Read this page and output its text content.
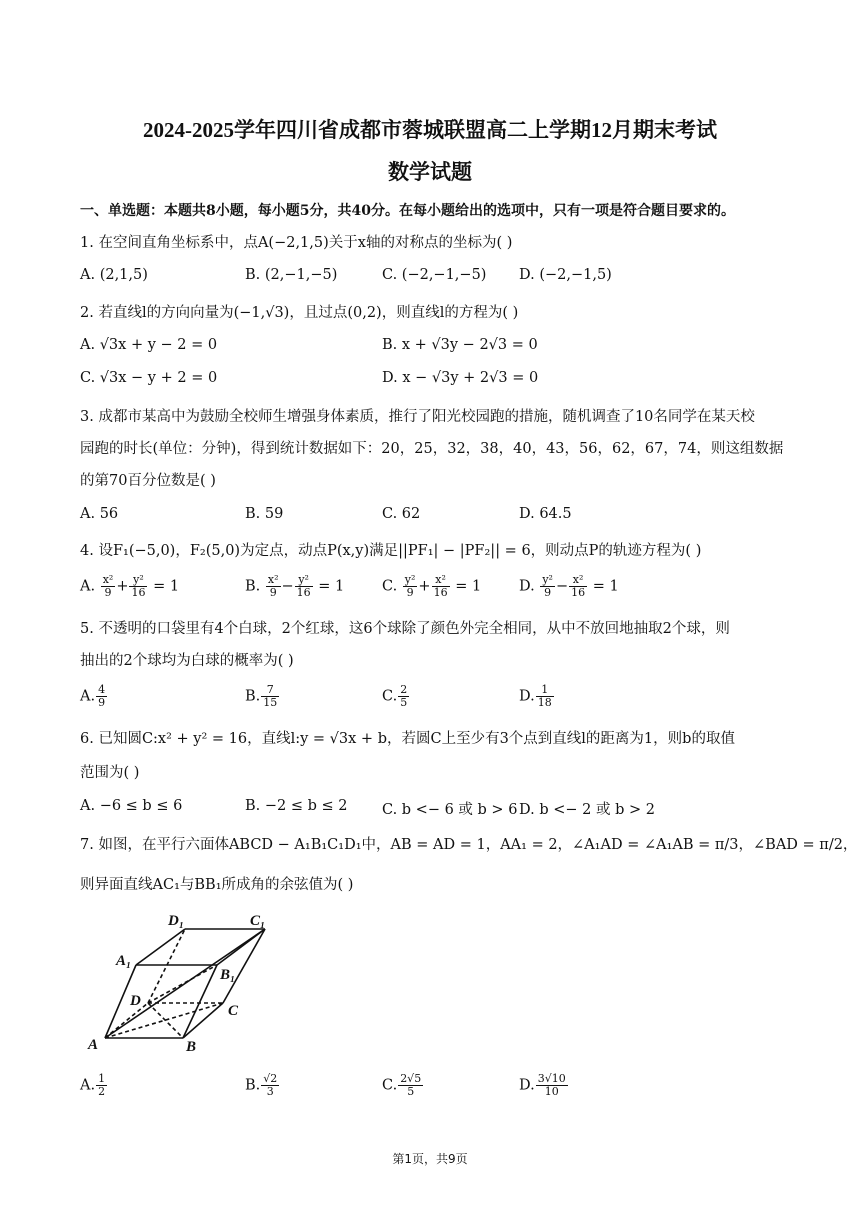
2024-2025学年四川省成都市蓉城联盟高二上学期12月期末考试
数学试题
一、单选题：本题共8小题，每小题5分，共40分。在每小题给出的选项中，只有一项是符合题目要求的。
1. 在空间直角坐标系中，点A(−2,1,5)关于x轴的对称点的坐标为( )
A. (2,1,5)	B. (2,−1,−5)	C. (−2,−1,−5) D. (−2,−1,5)
2. 若直线l的方向向量为(−1,√3)，且过点(0,2)，则直线l的方程为( )
A. √3x + y − 2 = 0	B. x + √3y − 2√3 = 0
C. √3x − y + 2 = 0	D. x − √3y + 2√3 = 0
3. 成都市某高中为鼓励全校师生增强身体素质，推行了阳光校园跑的措施，随机调查了10名同学在某天校
园跑的时长(单位：分钟)，得到统计数据如下：20，25，32，38，40，43，56，62，67，74，则这组数据
的第70百分位数是( )
A. 56	B. 59	C. 62	D. 64.5
4. 设F₁(−5,0)，F₂(5,0)为定点，动点P(x,y)满足||PF₁| − |PF₂|| = 6，则动点P的轨迹方程为( )
A. $\frac{\text{x²}}{9} + \frac{\text{y²}}{16} = 1$	B. $\frac{\text{x²}}{9} - \frac{\text{y²}}{16} = 1$	C. $\frac{\text{y²}}{9} + \frac{\text{x²}}{16} = 1$	D. $\frac{\text{y²}}{9} - \frac{\text{x²}}{16} = 1$
5. 不透明的口袋里有4个白球，2个红球，这6个球除了颜色外完全相同，从中不放回地抽取2个球，则
抽出的2个球均为白球的概率为( )
A. $\frac{4}{9}$	B. $\frac{7}{15}$	C. $\frac{2}{5}$	D. $\frac{1}{18}$
6. 已知圆C:x² + y² = 16，直线l:y = √3x + b，若圆C上至少有3个点到直线l的距离为1，则b的取值
范围为( )
A. −6 ≤ b ≤ 6	B. −2 ≤ b ≤ 2 C. b <− 6 或 b > 6 D. b <− 2 或 b > 2
7. 如图，在平行六面体ABCD − A₁B₁C₁D₁中，AB = AD = 1，AA₁ = 2，∠A₁AD = ∠A₁AB = π/3，∠BAD = π/2，
则异面直线AC₁与BB₁所成角的余弦值为( )
A	B
C
D
A₁
B₁
C₁
D₁
A. $\frac{1}{2}$	B. $\frac{√2}{3}$	C. $\frac{2√5}{5}$	D. $\frac{3√10}{10}$
第1页，共9页
